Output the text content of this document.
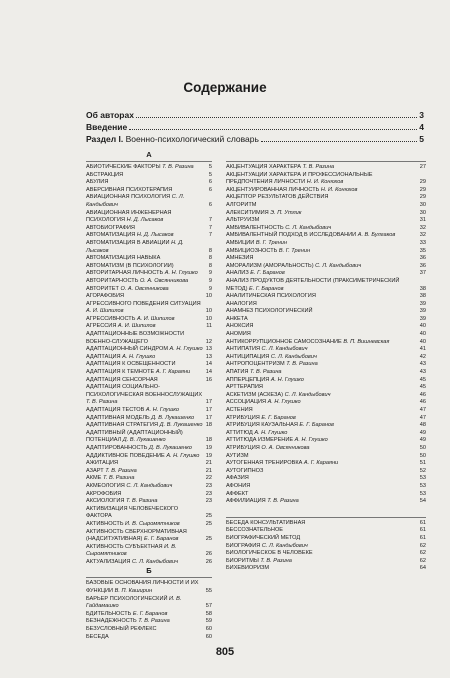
Содержание
Об авторах	3
Введение	4
Раздел I. Военно-психологический словарь	5
А
АБИОТИЧЕСКИЕ ФАКТОРЫ Т. В. Разина	5
АБСТРАКЦИЯ	5
АБУЛИЯ	6
АВЕРСИВНАЯ ПСИХОТЕРАПИЯ	6
АВИАЦИОННАЯ ПСИХОЛОГИЯ С. Л. Кандыбович	6
АВИАЦИОННАЯ ИНЖЕНЕРНАЯ ПСИХОЛОГИЯ Н. Д. Лысаков	7
АВТОБИОГРАФИЯ	7
АВТОМАТИЗАЦИЯ Н. Д. Лысаков	7
АВТОМАТИЗАЦИЯ В АВИАЦИИ Н. Д. Лысаков	8
АВТОМАТИЗАЦИЯ НАВЫКА	8
АВТОМАТИЗМ (В ПСИХОЛОГИИ)	8
АВТОРИТАРНАЯ ЛИЧНОСТЬ А. Н. Глушко	9
АВТОРИТАРНОСТЬ О. А. Овсянникова	9
АВТОРИТЕТ О. А. Овсянникова	9
АГОРАФОБИЯ	10
АГРЕССИВНОГО ПОВЕДЕНИЯ СИТУАЦИЯ А. И. Шипилов	10
АГРЕССИВНОСТЬ А. И. Шипилов	10
АГРЕССИЯ А. И. Шипилов	11
АДАПТАЦИОННЫЕ ВОЗМОЖНОСТИ ВОЕННО-СЛУЖАЩЕГО	12
АДАПТАЦИОННЫЙ СИНДРОМ А. Н. Глушко 13
АДАПТАЦИЯ А. Н. Глушко	13
АДАПТАЦИЯ К ОСВЕЩЕННОСТИ	14
АДАПТАЦИЯ К ТЕМНОТЕ А. Г. Караяни	14
АДАПТАЦИЯ СЕНСОРНАЯ	16
АДАПТАЦИЯ СОЦИАЛЬНО-ПСИХОЛОГИЧЕСКАЯ ВОЕННОСЛУЖАЩИХ Т. В. Разина	17
АДАПТАЦИЯ ТЕСТОВ А. Н. Глушко	17
АДАПТИВНАЯ МОДЕЛЬ Д. В. Лукашенко	17
АДАПТИВНАЯ СТРАТЕГИЯ Д. В. Лукашенко 18
АДАПТИВНЫЙ (АДАПТАЦИОННЫЙ) ПОТЕНЦИАЛ Д. В. Лукашенко	18
АДАПТИРОВАННОСТЬ Д. В. Лукашенко	19
АДДИКТИВНОЕ ПОВЕДЕНИЕ А. Н. Глушко	19
АЖИТАЦИЯ	21
АЗАРТ Т. В. Разина	21
АКМЕ Т. В. Разина	22
АКМЕОЛОГИЯ С. Л. Кандыбович	23
АКРОФОБИЯ	23
АКСИОЛОГИЯ Т. В. Разина	23
АКТИВИЗАЦИЯ ЧЕЛОВЕЧЕСКОГО ФАКТОРА	25
АКТИВНОСТЬ И. В. Сыромятников	25
АКТИВНОСТЬ СВЕРХНОРМАТИВНАЯ (НАДСИТУАТИВНАЯ) Е. Г. Баранов	25
АКТИВНОСТЬ СУБЪЕКТНАЯ И. В. Сыромятников	26
АКТУАЛИЗАЦИЯ С. Л. Кандыбович	26
Б
БАЗОВЫЕ ОСНОВАНИЯ ЛИЧНОСТИ И ИХ ФУНКЦИИ В. П. Каширин	55
БАРЬЕР ПСИХОЛОГИЧЕСКИЙ И. В. Гайдамашко	57
БДИТЕЛЬНОСТЬ Е. Г. Баранов	58
БЕЗНАДЕЖНОСТЬ Т. В. Разина	59
БЕЗУСЛОВНЫЙ РЕФЛЕКС	60
БЕСЕДА	60
АКЦЕНТУАЦИЯ ХАРАКТЕРА Т. В. Разина	27
АКЦЕНТУАЦИИ ХАРАКТЕРА И ПРОФЕССИОНАЛЬНЫЕ ПРЕДПОЧТЕНИЯ ЛИЧНОСТИ Н. И. Конюхов	29
АКЦЕНТУИРОВАННАЯ ЛИЧНОСТЬ Н. И. Конюхов	29
АКЦЕПТОР РЕЗУЛЬТАТОВ ДЕЙСТВИЯ	29
АЛГОРИТМ	30
АЛЕКСИТИМИЯ Э. П. Утлик	30
АЛЬТРУИЗМ	31
АМБИВАЛЕНТНОСТЬ С. Л. Кандыбович	32
АМБИВАЛЕНТНЫЙ ПОДХОД В ИССЛЕДОВАНИИ А. В. Булгаков	32
АМБИЦИИ В. Г. Тренин	33
АМБИЦИОЗНОСТЬ В. Г. Тренин	35
АМНЕЗИЯ	36
АМОРАЛИЗМ (АМОРАЛЬНОСТЬ) С. Л. Кандыбович	36
АНАЛИЗ Е. Г. Баранов	37
АНАЛИЗ ПРОДУКТОВ ДЕЯТЕЛЬНОСТИ (ПРАКСИМЕТРИЧЕСКИЙ МЕТОД) Е. Г. Баранов	38
АНАЛИТИЧЕСКАЯ ПСИХОЛОГИЯ	38
АНАЛОГИЯ	39
АНАМНЕЗ ПСИХОЛОГИЧЕСКИЙ	39
АНКЕТА	39
АНОКСИЯ	40
АНОМИЯ	40
АНТИКОРРУПЦИОННОЕ САМОСОЗНАНИЕ В. П. Вишневская	40
АНТИПАТИЯ С. Л. Кандыбович	41
АНТИЦИПАЦИЯ С. Л. Кандыбович	42
АНТРОПОЦЕНТРИЗМ Т. В. Разина	43
АПАТИЯ Т. В. Разина	43
АППЕРЦЕПЦИЯ А. Н. Глушко	45
АРТТЕРАПИЯ	45
АСКЕТИЗМ (АСКЕЗА) С. Л. Кандыбович	46
АССОЦИАЦИЯ А. Н. Глушко	46
АСТЕНИЯ	47
АТРИБУЦИЯ Е. Г. Баранов	47
АТРИБУЦИЯ КАУЗАЛЬНАЯ Е. Г. Баранов	48
АТТИТЮД А. Н. Глушко	49
АТТИТЮДА ИЗМЕРЕНИЕ А. Н. Глушко	49
АТРИБУЦИЯ О. А. Овсянникова	50
АУТИЗМ	50
АУТОГЕННАЯ ТРЕНИРОВКА А. Г. Караяни	51
АУТОГИПНОЗ	52
АФАЗИЯ	53
АФОНИЯ	53
АФФЕКТ	53
АФФИЛИАЦИЯ Т. В. Разина	54
БЕСЕДА КОНСУЛЬТАТИВНАЯ	61
БЕССОЗНАТЕЛЬНОЕ	61
БИОГРАФИЧЕСКИЙ МЕТОД	61
БИОГРАФИЯ С. Л. Кандыбович	62
БИОЛОГИЧЕСКОЕ В ЧЕЛОВЕКЕ	62
БИОРИТМЫ Т. В. Разина	62
БИХЕВИОРИЗМ	64
805
